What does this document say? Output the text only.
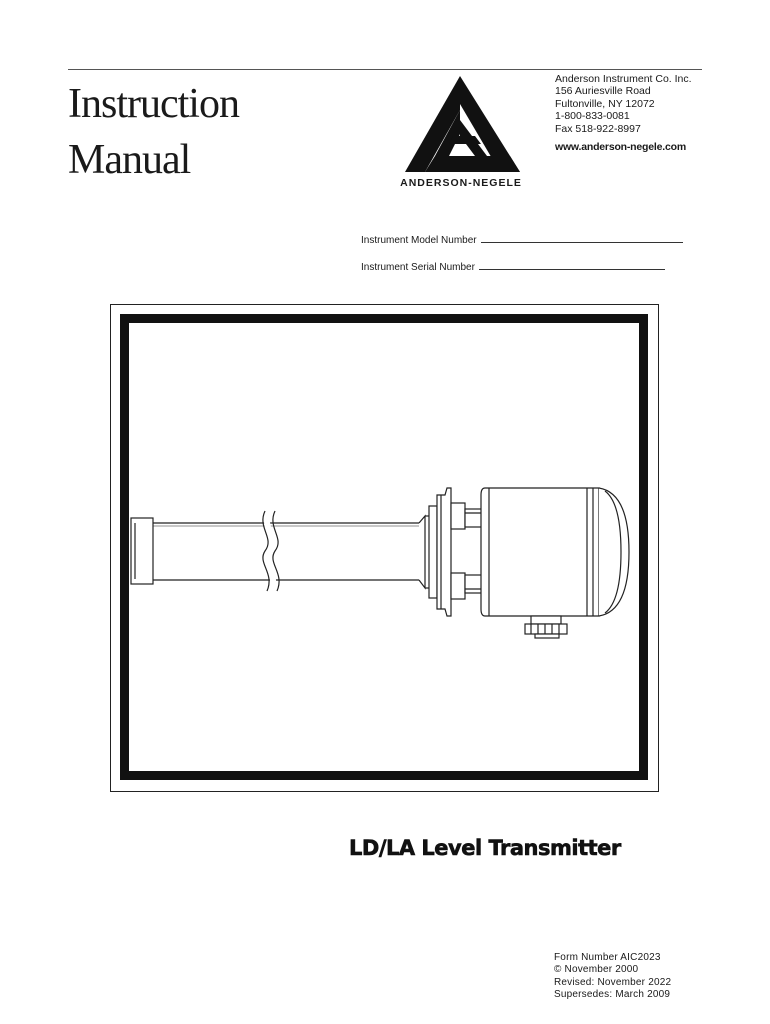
Instruction
Manual	ANDERSON-NEGELE
Anderson Instrument Co. Inc.
156 Auriesville Road
Fultonville, NY 12072
1-800-833-0081
Fax 518-922-8997
www.anderson-negele.com
Instrument Model Number
Instrument Serial Number
LD/LA Level Transmitter
Form Number AIC2023
© November 2000
Revised: November 2022
Supersedes: March 2009
